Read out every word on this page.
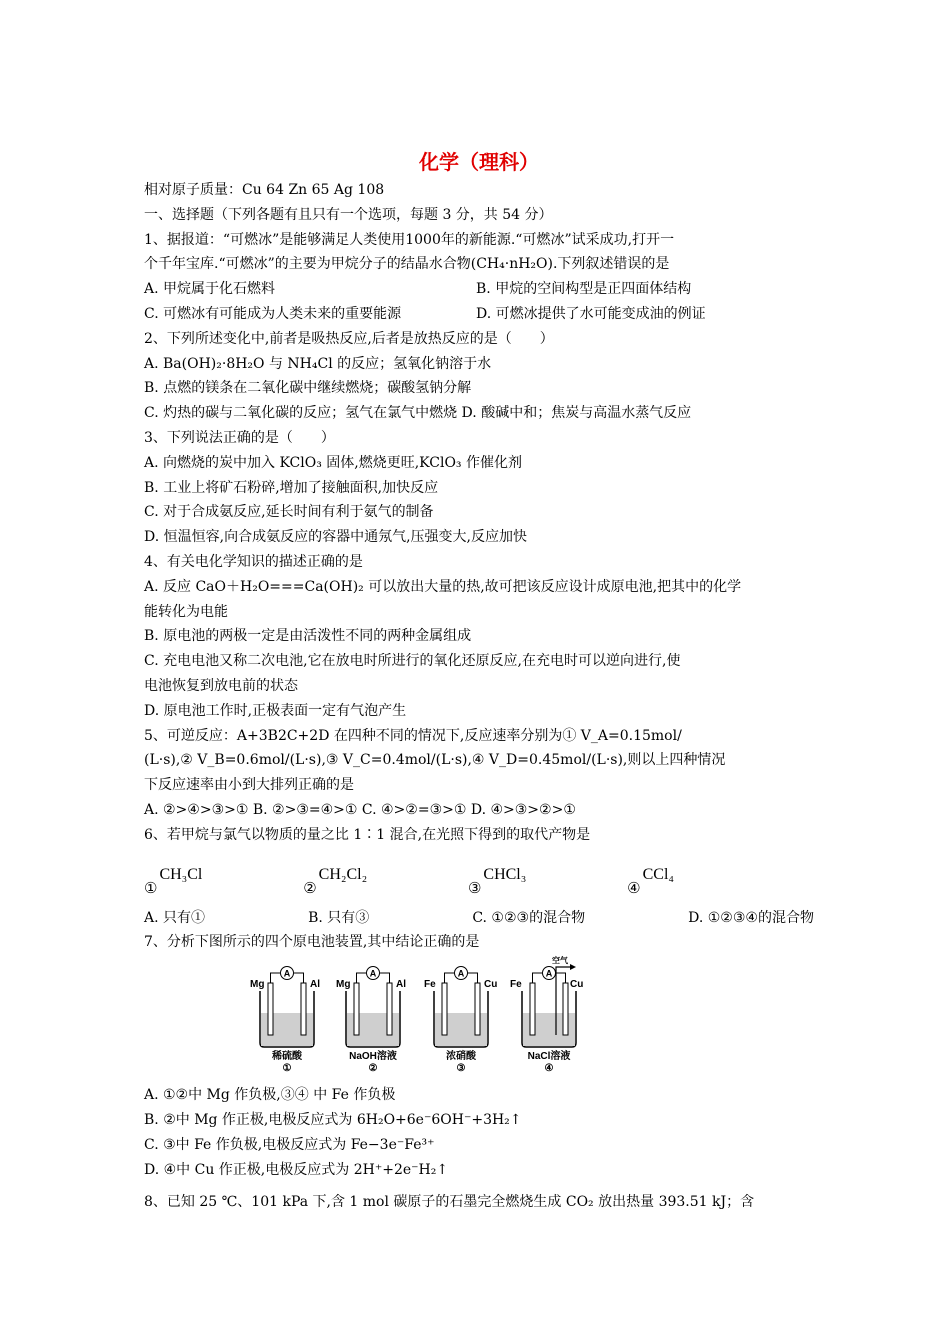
化学（理科）
相对原子质量：Cu 64 Zn 65 Ag 108
一、选择题（下列各题有且只有一个选项，每题 3 分，共 54 分）
1、据报道：“可燃冰”是能够满足人类使用1000年的新能源.“可燃冰”试采成功,打开一
个千年宝库.“可燃冰”的主要为甲烷分子的结晶水合物(CH₄·nH₂O).下列叙述错误的是
A. 甲烷属于化石燃料	B. 甲烷的空间构型是正四面体结构
C. 可燃冰有可能成为人类未来的重要能源	D. 可燃冰提供了水可能变成油的例证
2、下列所述变化中,前者是吸热反应,后者是放热反应的是（　　）
A. Ba(OH)₂·8H₂O 与 NH₄Cl 的反应；氢氧化钠溶于水
B. 点燃的镁条在二氧化碳中继续燃烧；碳酸氢钠分解
C. 灼热的碳与二氧化碳的反应；氢气在氯气中燃烧 D. 酸碱中和；焦炭与高温水蒸气反应
3、下列说法正确的是（　　）
A. 向燃烧的炭中加入 KClO₃ 固体,燃烧更旺,KClO₃ 作催化剂
B. 工业上将矿石粉碎,增加了接触面积,加快反应
C. 对于合成氨反应,延长时间有利于氨气的制备
D. 恒温恒容,向合成氨反应的容器中通氖气,压强变大,反应加快
4、有关电化学知识的描述正确的是
A. 反应 CaO＋H₂O===Ca(OH)₂ 可以放出大量的热,故可把该反应设计成原电池,把其中的化学
能转化为电能
B. 原电池的两极一定是由活泼性不同的两种金属组成
C. 充电电池又称二次电池,它在放电时所进行的氧化还原反应,在充电时可以逆向进行,使
电池恢复到放电前的状态
D. 原电池工作时,正极表面一定有气泡产生
5、可逆反应：A+3B2C+2D 在四种不同的情况下,反应速率分别为① V_A=0.15mol/
(L·s),② V_B=0.6mol/(L·s),③ V_C=0.4mol/(L·s),④ V_D=0.45mol/(L·s),则以上四种情况
下反应速率由小到大排列正确的是
A. ②>④>③>① B. ②>③=④>① C. ④>②=③>① D. ④>③>②>①
6、若甲烷与氯气以物质的量之比 1∶1 混合,在光照下得到的取代产物是
①
CH₃Cl
②
CH₂Cl₂
③
CHCl₃
④
CCl₄
A. 只有①	B. 只有③	C. ①②③的混合物	D. ①②③④的混合物
7、分析下图所示的四个原电池装置,其中结论正确的是
A
Mg	Al
稀硫酸
①
A
Mg	Al
NaOH溶液
②
A
Fe	Cu
浓硝酸
③
A
空气
Fe	Cu
NaCl溶液
④
A. ①②中 Mg 作负极,③④ 中 Fe 作负极
B. ②中 Mg 作正极,电极反应式为 6H₂O+6e⁻6OH⁻+3H₂↑
C. ③中 Fe 作负极,电极反应式为 Fe−3e⁻Fe³⁺
D. ④中 Cu 作正极,电极反应式为 2H⁺+2e⁻H₂↑
8、已知 25 ℃、101 kPa 下,含 1 mol 碳原子的石墨完全燃烧生成 CO₂ 放出热量 393.51 kJ；含
